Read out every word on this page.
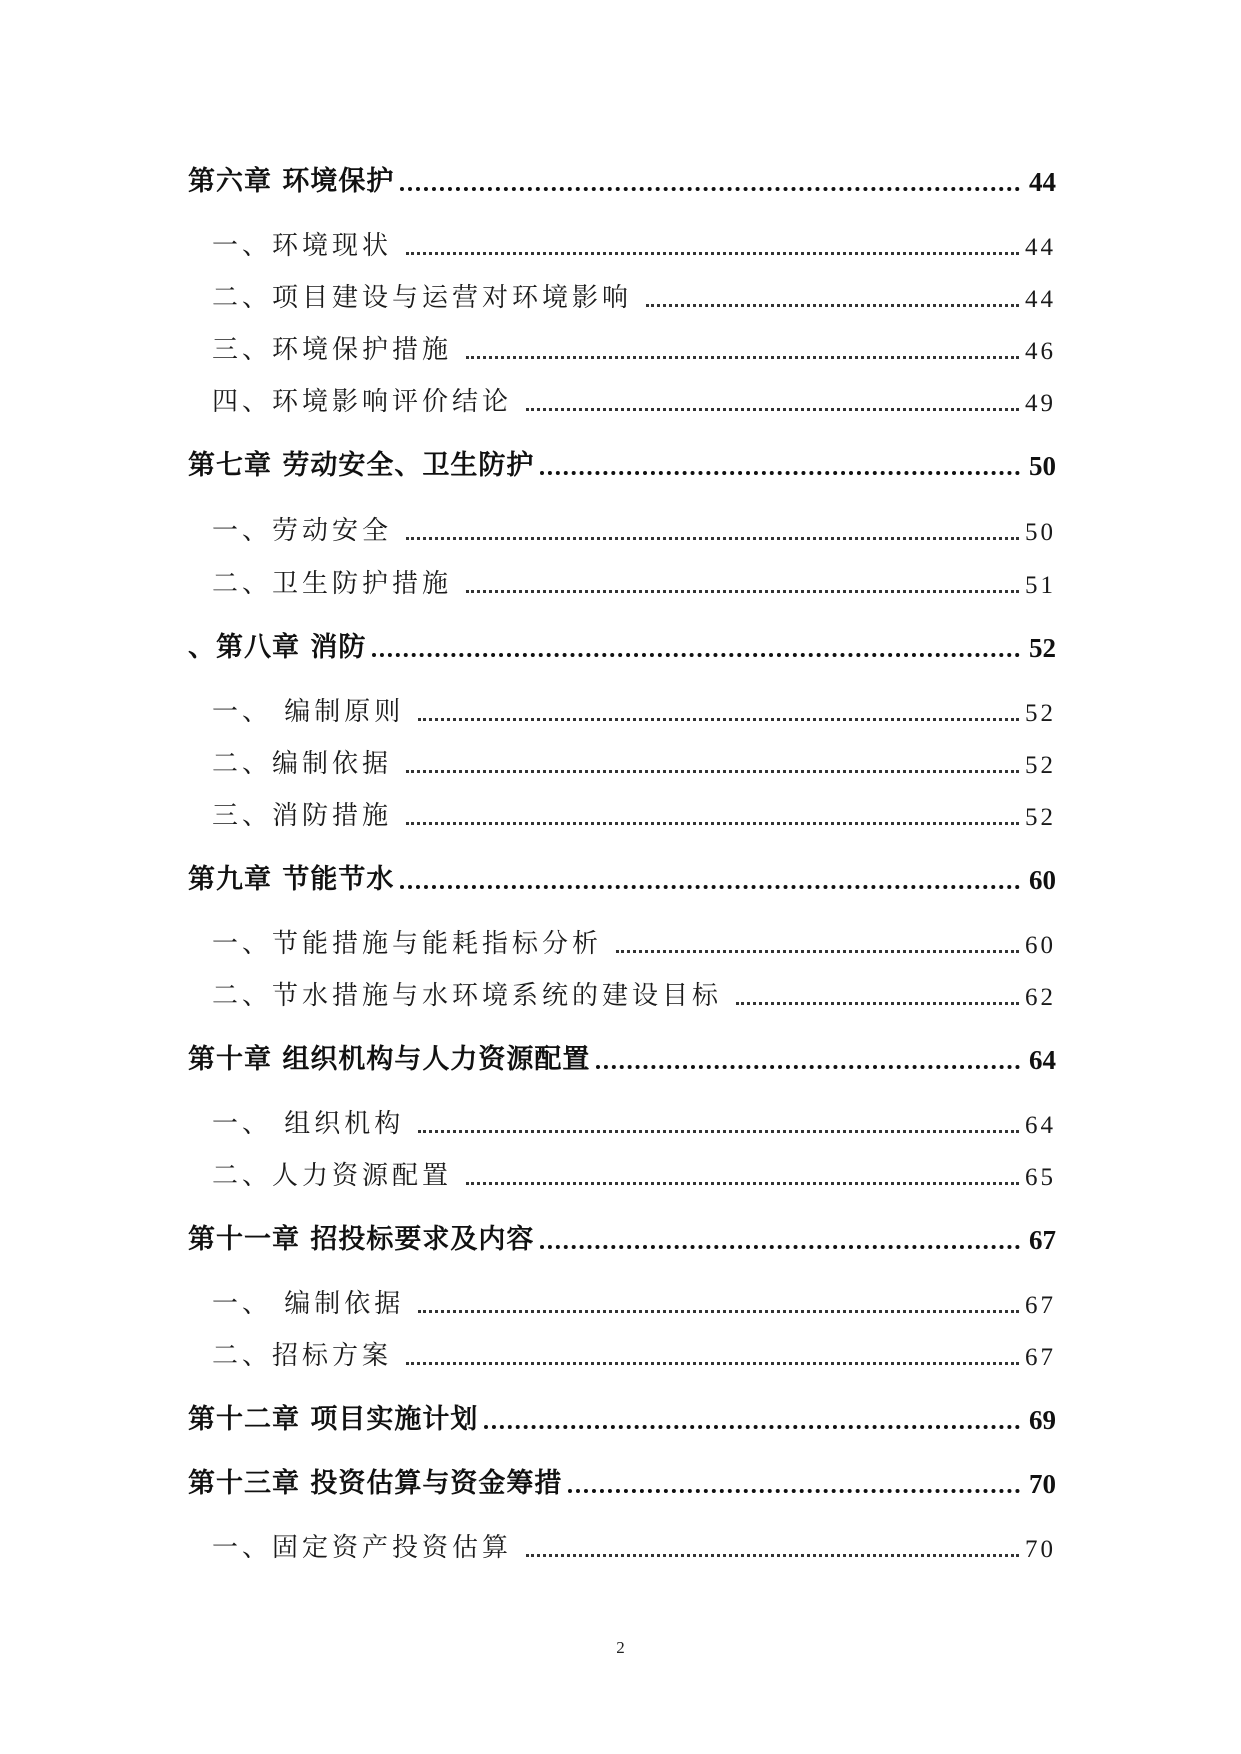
第六章 环境保护	44
一、环境现状	44
二、项目建设与运营对环境影响	44
三、环境保护措施	46
四、环境影响评价结论	49
第七章 劳动安全、卫生防护	50
一、劳动安全	50
二、卫生防护措施	51
、第八章 消防	52
一、 编制原则	52
二、编制依据	52
三、消防措施	52
第九章 节能节水	60
一、节能措施与能耗指标分析	60
二、节水措施与水环境系统的建设目标	62
第十章 组织机构与人力资源配置	64
一、 组织机构	64
二、人力资源配置	65
第十一章 招投标要求及内容	67
一、 编制依据	67
二、招标方案	67
第十二章 项目实施计划	69
第十三章 投资估算与资金筹措	70
一、固定资产投资估算	70
2
